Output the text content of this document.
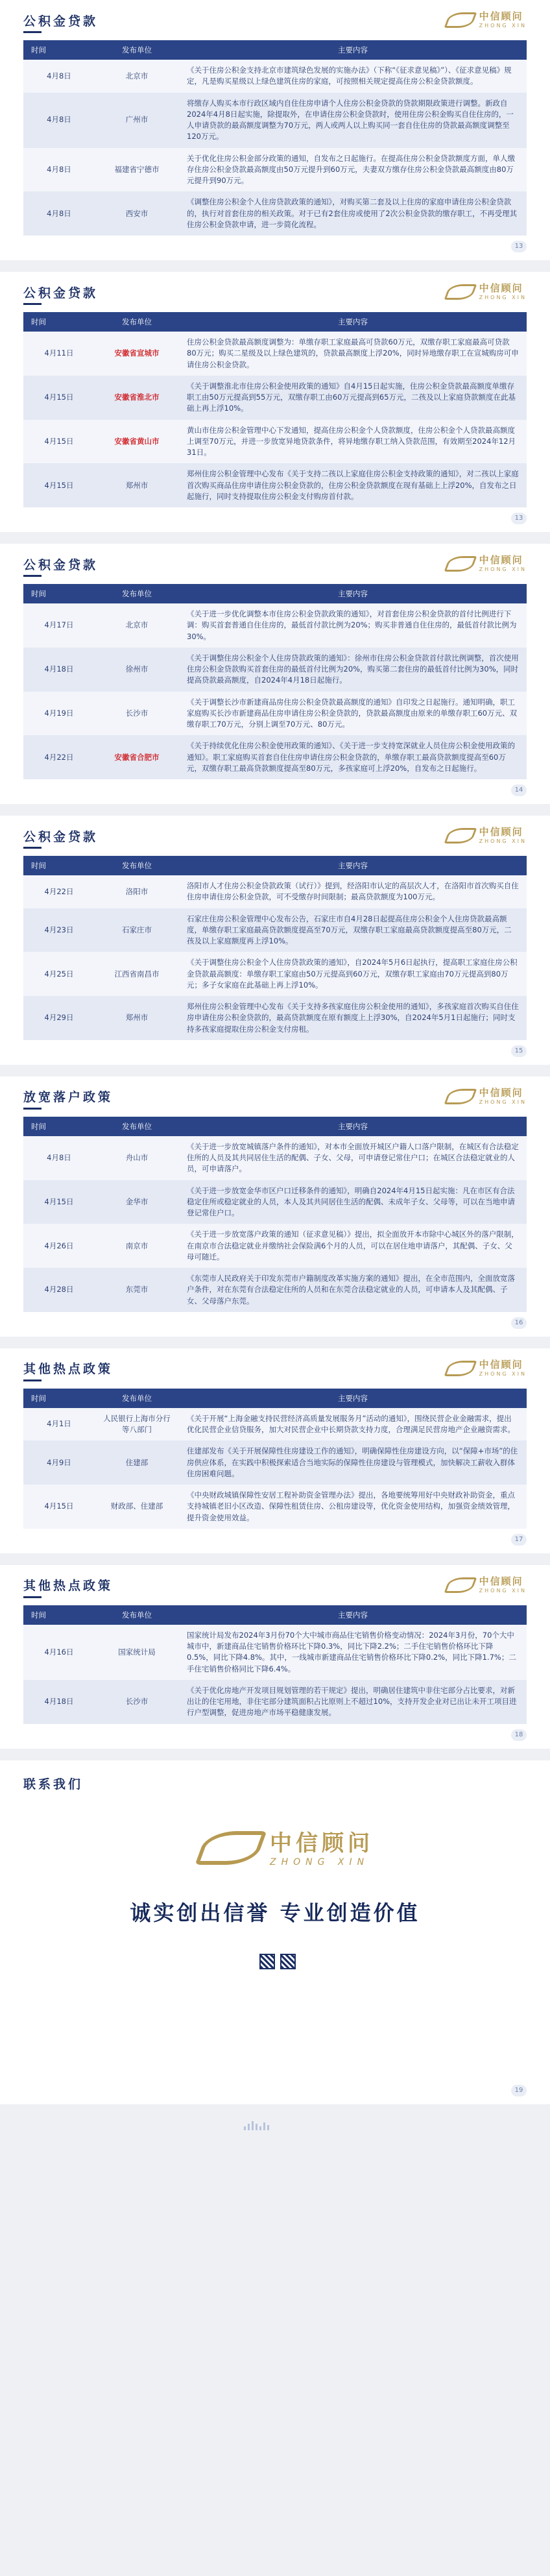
公积金贷款	中信顾问
ZHONG XIN
时间	发布单位	主要内容
4月8日	北京市	《关于住房公积金支持北京市建筑绿色发展的实施办法》（下称“《征求意见稿》”）、《征求意见稿》规定，凡是购买星级以上绿色建筑住房的家庭，可按照相关规定提高住房公积金贷款额度。
4月8日	广州市	将缴存人购买本市行政区域内自住住房申请个人住房公积金贷款的贷款期限政策进行调整。新政自2024年4月8日起实施，除提取外，在申请住房公积金贷款时，使用住房公积金购买自住住房的，一人申请贷款的最高额度调整为70万元，两人或两人以上购买同一套自住住房的贷款最高额度调整至120万元。
4月8日	福建省宁德市	关于优化住房公积金部分政策的通知，自发布之日起施行。在提高住房公积金贷款额度方面，单人缴存住房公积金贷款最高额度由50万元提升到60万元，夫妻双方缴存住房公积金贷款最高额度由80万元提升到90万元。
4月8日	西安市	《调整住房公积金个人住房贷款政策的通知》，对购买第二套及以上住房的家庭申请住房公积金贷款的，执行对首套住房的相关政策。对于已有2套住房或使用了2次公积金贷款的缴存职工，不再受理其住房公积金贷款申请，进一步简化流程。
13
公积金贷款	中信顾问
ZHONG XIN
时间	发布单位	主要内容
4月11日	安徽省宣城市	住房公积金贷款最高额度调整为：单缴存职工家庭最高可贷款60万元，双缴存职工家庭最高可贷款80万元；购买二星级及以上绿色建筑的，贷款最高额度上浮20%，同时异地缴存职工在宣城购房可申请住房公积金贷款。
4月15日	安徽省淮北市	《关于调整淮北市住房公积金使用政策的通知》自4月15日起实施，住房公积金贷款最高额度单缴存职工由50万元提高到55万元，双缴存职工由60万元提高到65万元，二孩及以上家庭贷款额度在此基础上再上浮10%。
4月15日	安徽省黄山市	黄山市住房公积金管理中心下发通知，提高住房公积金个人贷款额度，住房公积金个人贷款最高额度上调至70万元，并进一步放宽异地贷款条件，将异地缴存职工纳入贷款范围，有效期至2024年12月31日。
4月15日	郑州市	郑州住房公积金管理中心发布《关于支持二孩以上家庭住房公积金支持政策的通知》，对二孩以上家庭首次购买商品住房申请住房公积金贷款的，住房公积金贷款额度在现有基础上上浮20%，自发布之日起施行，同时支持提取住房公积金支付购房首付款。
13
公积金贷款	中信顾问
ZHONG XIN
时间	发布单位	主要内容
4月17日	北京市	《关于进一步优化调整本市住房公积金贷款政策的通知》，对首套住房公积金贷款的首付比例进行下调：购买首套普通自住住房的，最低首付款比例为20%；购买非普通自住住房的，最低首付款比例为30%。
4月18日	徐州市	《关于调整住房公积金个人住房贷款政策的通知》：徐州市住房公积金贷款首付款比例调整，首次使用住房公积金贷款购买首套住房的最低首付比例为20%，购买第二套住房的最低首付比例为30%，同时提高贷款最高额度，自2024年4月18日起施行。
4月19日	长沙市	《关于调整长沙市新建商品房住房公积金贷款最高额度的通知》自印发之日起施行。通知明确，职工家庭购买长沙市新建商品住房申请住房公积金贷款的，贷款最高额度由原来的单缴存职工60万元、双缴存职工70万元，分别上调至70万元、80万元。
4月22日	安徽省合肥市	《关于持续优化住房公积金使用政策的通知》、《关于进一步支持宽深就业人员住房公积金使用政策的通知》。职工家庭购买首套自住住房申请住房公积金贷款的，单缴存职工最高贷款额度提高至60万元，双缴存职工最高贷款额度提高至80万元，多孩家庭可上浮20%，自发布之日起施行。
14
公积金贷款	中信顾问
ZHONG XIN
时间	发布单位	主要内容
4月22日	洛阳市	洛阳市人才住房公积金贷款政策（试行）》提到，经洛阳市认定的高层次人才，在洛阳市首次购买自住住房申请住房公积金贷款，可不受缴存时间限制；最高贷款额度为100万元。
4月23日	石家庄市	石家庄住房公积金管理中心发布公告，石家庄市自4月28日起提高住房公积金个人住房贷款最高额度，单缴存职工家庭最高贷款额度提高至70万元，双缴存职工家庭最高贷款额度提高至80万元，二孩及以上家庭额度再上浮10%。
4月25日	江西省南昌市	《关于调整住房公积金个人住房贷款政策的通知》，自2024年5月6日起执行，提高职工家庭住房公积金贷款最高额度：单缴存职工家庭由50万元提高到60万元，双缴存职工家庭由70万元提高到80万元；多子女家庭在此基础上再上浮10%。
4月29日	郑州市	郑州住房公积金管理中心发布《关于支持多孩家庭住房公积金使用的通知》，多孩家庭首次购买自住住房申请住房公积金贷款的，最高贷款额度在原有额度上上浮30%，自2024年5月1日起施行；同时支持多孩家庭提取住房公积金支付房租。
15
放宽落户政策	中信顾问
ZHONG XIN
时间	发布单位	主要内容
4月8日	舟山市	《关于进一步放宽城镇落户条件的通知》，对本市全面放开城区户籍人口落户限制，在城区有合法稳定住所的人员及其共同居住生活的配偶、子女、父母，可申请登记常住户口；在城区合法稳定就业的人员，可申请落户。
4月15日	金华市	《关于进一步放宽金华市区户口迁移条件的通知》，明确自2024年4月15日起实施：凡在市区有合法稳定住所或稳定就业的人员，本人及其共同居住生活的配偶、未成年子女、父母等，可以在当地申请登记常住户口。
4月26日	南京市	《关于进一步放宽落户政策的通知（征求意见稿）》提出，拟全面放开本市除中心城区外的落户限制，在南京市合法稳定就业并缴纳社会保险满6个月的人员，可以在居住地申请落户，其配偶、子女、父母可随迁。
4月28日	东莞市	《东莞市人民政府关于印发东莞市户籍制度改革实施方案的通知》提出，在全市范围内，全面放宽落户条件，对在东莞有合法稳定住所的人员和在东莞合法稳定就业的人员，可申请本人及其配偶、子女、父母落户东莞。
16
其他热点政策	中信顾问
ZHONG XIN
时间	发布单位	主要内容
4月1日	人民银行上海市分行等八部门	《关于开展“上海金融支持民营经济高质量发展服务月”活动的通知》，围绕民营企业金融需求，提出优化民营企业信贷服务，加大对民营企业中长期贷款支持力度，合理满足民营房地产企业融资需求。
4月9日	住建部	住建部发布《关于开展保障性住房建设工作的通知》，明确保障性住房建设方向，以“保障+市场”的住房供应体系，在实践中积极探索适合当地实际的保障性住房建设与管理模式，加快解决工薪收入群体住房困难问题。
4月15日	财政部、住建部	《中央财政城镇保障性安居工程补助资金管理办法》提出，各地要统筹用好中央财政补助资金，重点支持城镇老旧小区改造、保障性租赁住房、公租房建设等，优化资金使用结构，加强资金绩效管理，提升资金使用效益。
17
其他热点政策	中信顾问
ZHONG XIN
时间	发布单位	主要内容
4月16日	国家统计局	国家统计局发布2024年3月份70个大中城市商品住宅销售价格变动情况：2024年3月份，70个大中城市中，新建商品住宅销售价格环比下降0.3%，同比下降2.2%；二手住宅销售价格环比下降0.5%，同比下降4.8%。其中，一线城市新建商品住宅销售价格环比下降0.2%，同比下降1.7%；二手住宅销售价格同比下降6.4%。
4月18日	长沙市	《关于优化房地产开发项目规划管理的若干规定》提出，明确居住建筑中非住宅部分占比要求，对新出让的住宅用地，非住宅部分建筑面积占比原则上不超过10%，支持开发企业对已出让未开工项目进行户型调整，促进房地产市场平稳健康发展。
18
联系我们
中信顾问
ZHONG XIN
诚实创出信誉 专业创造价值
19
